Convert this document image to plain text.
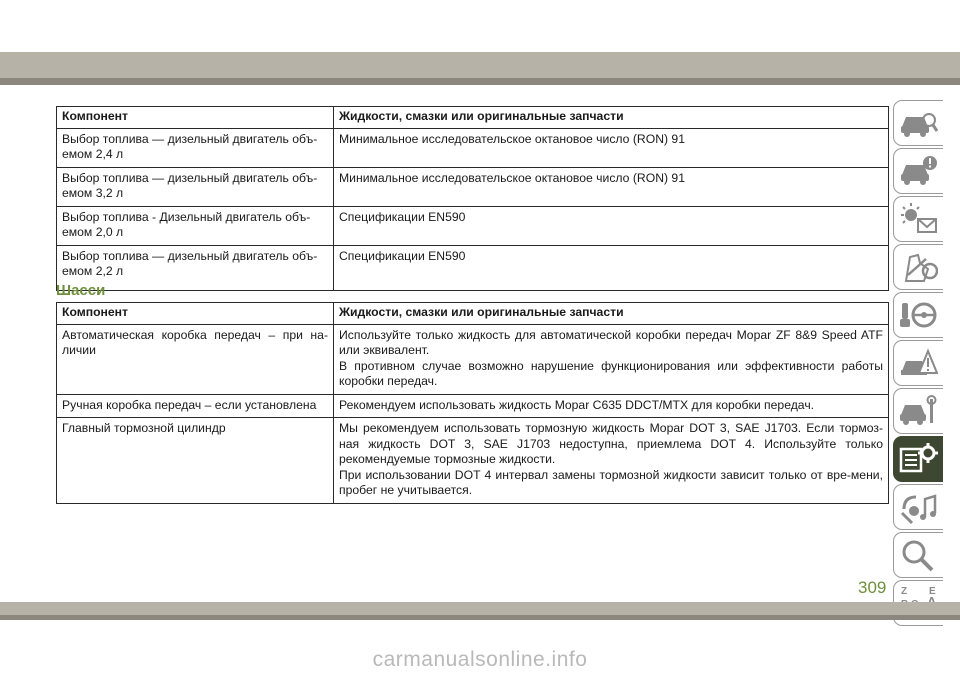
Компонент	Жидкости, смазки или оригинальные запчасти
Выбор топлива — дизельный двигатель объ-емом 2,4 л	Минимальное исследовательское октановое число (RON) 91
Выбор топлива — дизельный двигатель объ-емом 3,2 л	Минимальное исследовательское октановое число (RON) 91
Выбор топлива - Дизельный двигатель объ-емом 2,0 л	Спецификации EN590
Выбор топлива — дизельный двигатель объ-емом 2,2 л	Спецификации EN590
Шасси
Компонент	Жидкости, смазки или оригинальные запчасти
Автоматическая коробка передач – при на-личии	Используйте только жидкость для автоматической коробки передач Mopar ZF 8&9 Speed ATF или эквивалент.
В противном случае возможно нарушение функционирования или эффективности работы коробки передач.

Ручная коробка передач – если установлена	Рекомендуем использовать жидкость Mopar C635 DDCT/MTX для коробки передач.
Главный тормозной цилиндр	Мы рекомендуем использовать тормозную жидкость Mopar DOT 3, SAE J1703. Если тормоз-ная жидкость DOT 3, SAE J1703 недоступна, приемлема DOT 4. Используйте только рекомендуемые тормозные жидкости.
При использовании DOT 4 интервал замены тормозной жидкости зависит только от вре-мени, пробег не учитывается.
Z E
309
carmanualsonline.info
